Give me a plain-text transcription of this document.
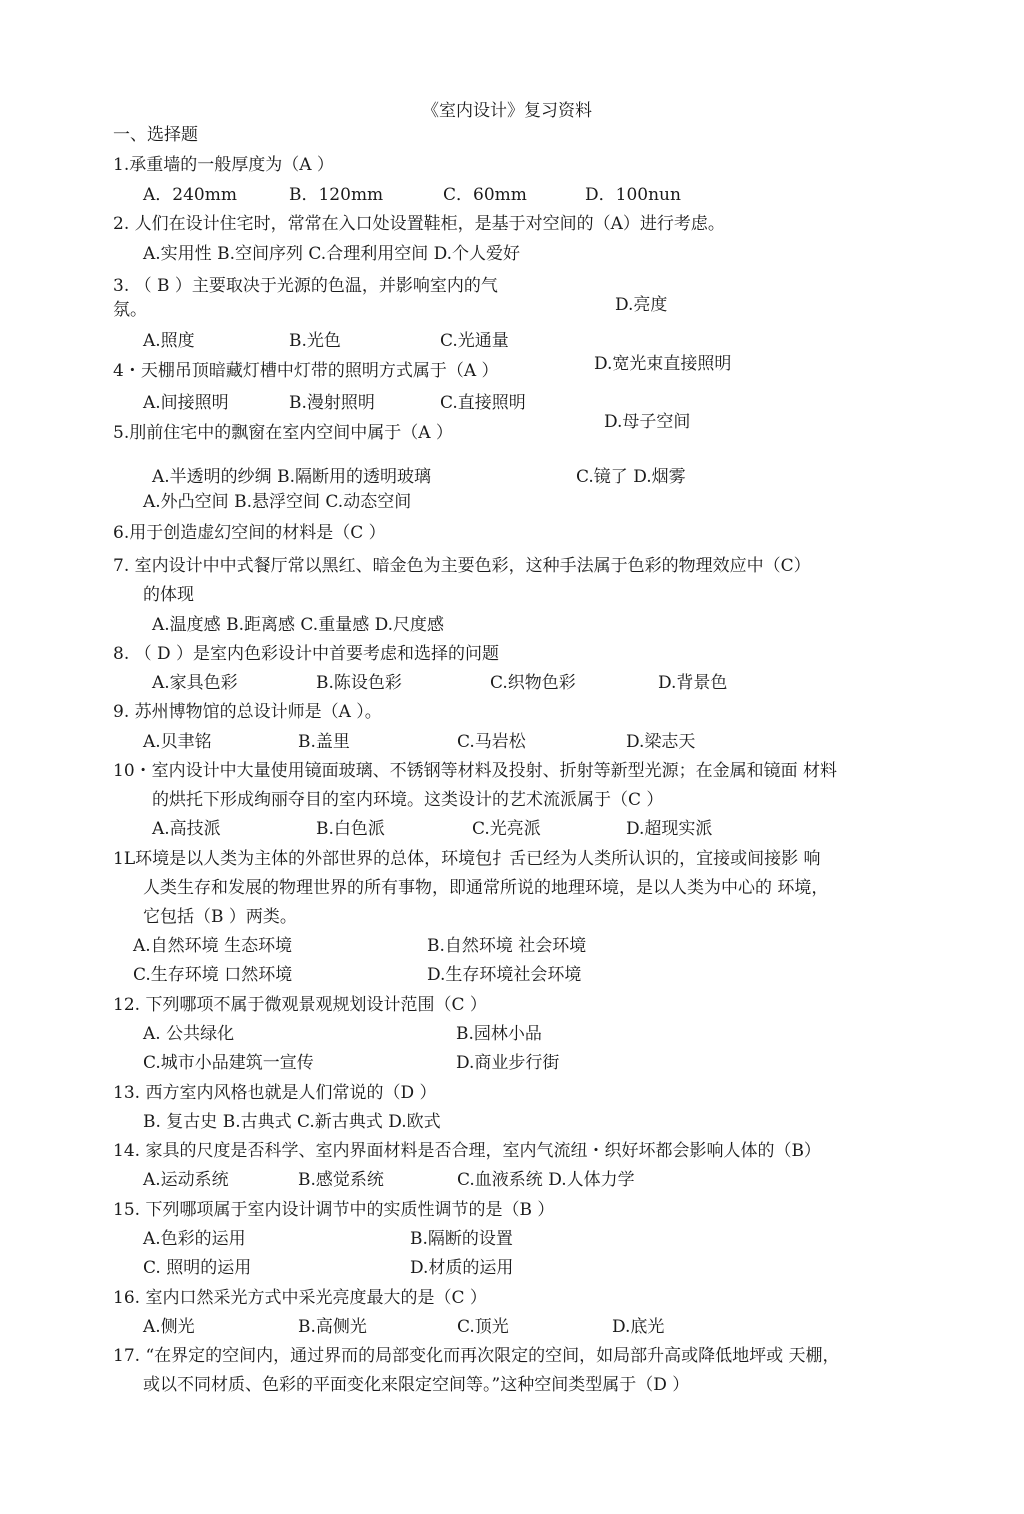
《室内设计》复习资料
一、选择题
1.承重墙的一般厚度为（A ）
A．240mm	B．120mm	C．60mm	D．100nun
2. 人们在设计住宅时，常常在入口处设置鞋柜，是基于对空间的（A）进行考虑。
A.实用性 B.空间序列 C.合理利用空间 D.个人爱好
3. （ B ）主要取决于光源的色温，并影响室内的气
氛。	D.亮度
A.照度	B.光色	C.光通量
4・天棚吊顶暗藏灯槽中灯带的照明方式属于（A ）	D.宽光束直接照明
A.间接照明	B.漫射照明	C.直接照明
5.刖前住宅中的飘窗在室内空间中属于（A ）
D.母子空间
A.半透明的纱绸 B.隔断用的透明玻璃	C.镜了 D.烟雾
A.外凸空间 B.悬浮空间 C.动态空间
6.用于创造虚幻空间的材料是（C ）
7. 室内设计中中式餐厅常以黑红、暗金色为主要色彩，这种手法属于色彩的物理效应中（C）
的体现
A.温度感 B.距离感 C.重量感 D.尺度感
8. （ D ）是室内色彩设计中首要考虑和选择的问题
A.家具色彩	B.陈设色彩	C.织物色彩	D.背景色
9. 苏州博物馆的总设计师是（A ）。
A.贝聿铭	B.盖里	C.马岩松	D.梁志天
10・室内设计中大量使用镜面玻璃、不锈钢等材料及投射、折射等新型光源；在金属和镜面 材料
的烘托下形成绚丽夺目的室内环境。这类设计的艺术流派属于（C ）
A.高技派	B.白色派	C.光亮派	D.超现实派
1L环境是以人类为主体的外部世界的总体，环境包扌舌已经为人类所认识的，宜接或间接影 响
人类生存和发展的物理世界的所有事物，即通常所说的地理环境，是以人类为中心的 环境，
它包括（B ）两类。
A.自然环境 生态环境	B.自然环境 社会环境
C.生存环境 口然环境	D.生存环境社会环境
12. 下列哪项不属于微观景观规划设计范围（C ）
A. 公共绿化	B.园林小品
C.城市小品建筑一宣传	D.商业步行街
13. 西方室内风格也就是人们常说的（D ）
B. 复古史 B.古典式 C.新古典式 D.欧式
14. 家具的尺度是否科学、室内界面材料是否合理，室内气流纽・织好坏都会影响人体的（B）
A.运动系统	B.感觉系统	C.血液系统 D.人体力学
15. 下列哪项属于室内设计调节中的实质性调节的是（B ）
A.色彩的运用	B.隔断的设置
C. 照明的运用	D.材质的运用
16. 室内口然采光方式中采光亮度最大的是（C ）
A.侧光	B.高侧光	C.顶光	D.底光
17. “在界定的空间内，通过界而的局部变化而再次限定的空间，如局部升高或降低地坪或 天棚，
或以不同材质、色彩的平面变化来限定空间等。”这种空间类型属于（D ）
